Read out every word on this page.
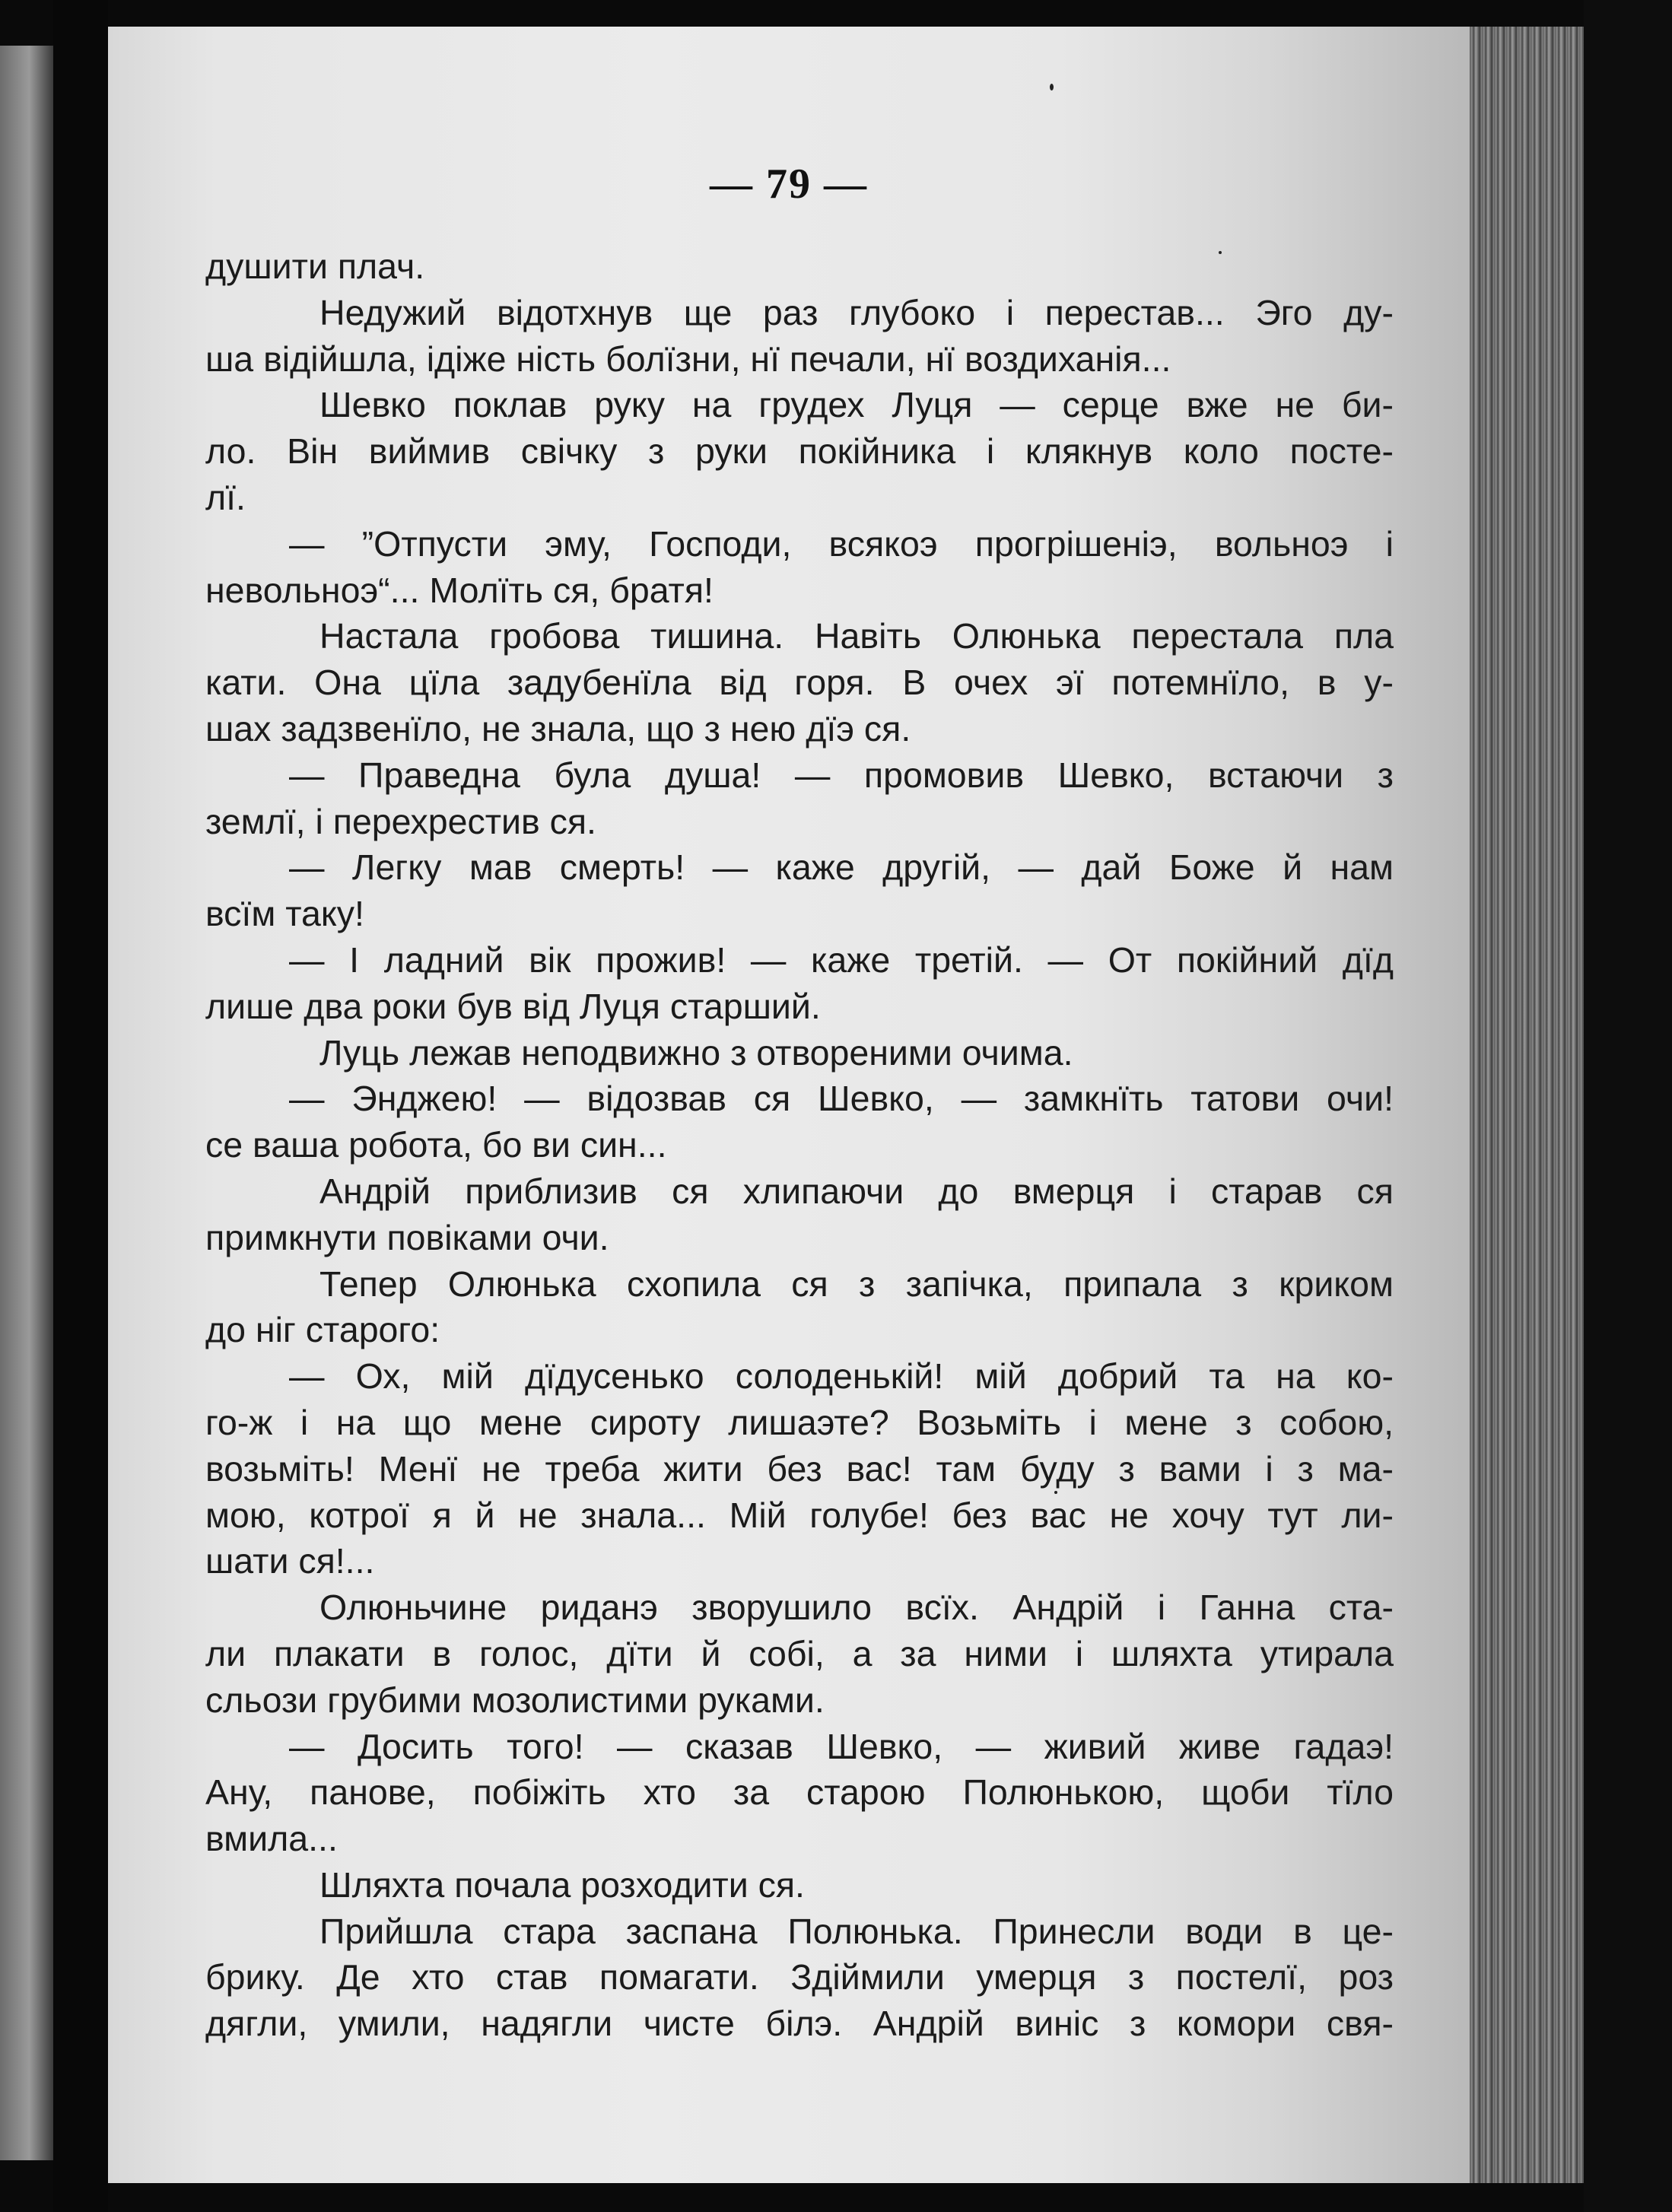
— 79 —
душити плач.
Недужий відотхнув ще раз глубоко і перестав... Эго ду-
ша відійшла, ідіже ність болїзни, нї печали, нї воздиханія...
Шевко поклав руку на грудех Луця — серце вже не би-
ло. Він виймив свічку з руки покійника і клякнув коло посте-
лї.
— ”Отпусти эму, Господи, всякоэ прогрішеніэ, вольноэ і
невольноэ“... Молїть ся, братя!
Настала гробова тишина. Навіть Олюнька перестала пла
кати. Она цїла задубенїла від горя. В очех эї потемнїло, в у-
шах задзвенїло, не знала, що з нею дїэ ся.
— Праведна була душа! — промовив Шевко, встаючи з
землї, і перехрестив ся.
— Легку мав смерть! — каже другій, — дай Боже й нам
всїм таку!
— І ладний вік прожив! — каже третій. — От покійний дїд
лише два роки був від Луця старший.
Луць лежав неподвижно з отвореними очима.
— Энджею! — відозвав ся Шевко, — замкнїть татови очи!
се ваша робота, бо ви син...
Андрій приблизив ся хлипаючи до вмерця і старав ся
примкнути повіками очи.
Тепер Олюнька схопила ся з запічка, припала з криком
до ніг старого:
— Ох, мій дїдусенько солоденькій! мій добрий та на ко-
го-ж і на що мене сироту лишаэте? Возьміть і мене з собою,
возьміть! Менї не треба жити без вас! там буду з вами і з ма-
мою, котрої я й не знала... Мій голубе! без вас не хочу тут ли-
шати ся!...
Олюньчине риданэ зворушило всїх. Андрій і Ганна ста-
ли плакати в голос, дїти й собі, а за ними і шляхта утирала
сльози грубими мозолистими руками.
— Досить того! — сказав Шевко, — живий живе гадаэ!
Ану, панове, побіжіть хто за старою Полюнькою, щоби тїло
вмила...
Шляхта почала розходити ся.
Прийшла стара заспана Полюнька. Принесли води в це-
брику. Де хто став помагати. Здіймили умерця з постелї, роз
дягли, умили, надягли чисте білэ. Андрій виніс з комори свя-
